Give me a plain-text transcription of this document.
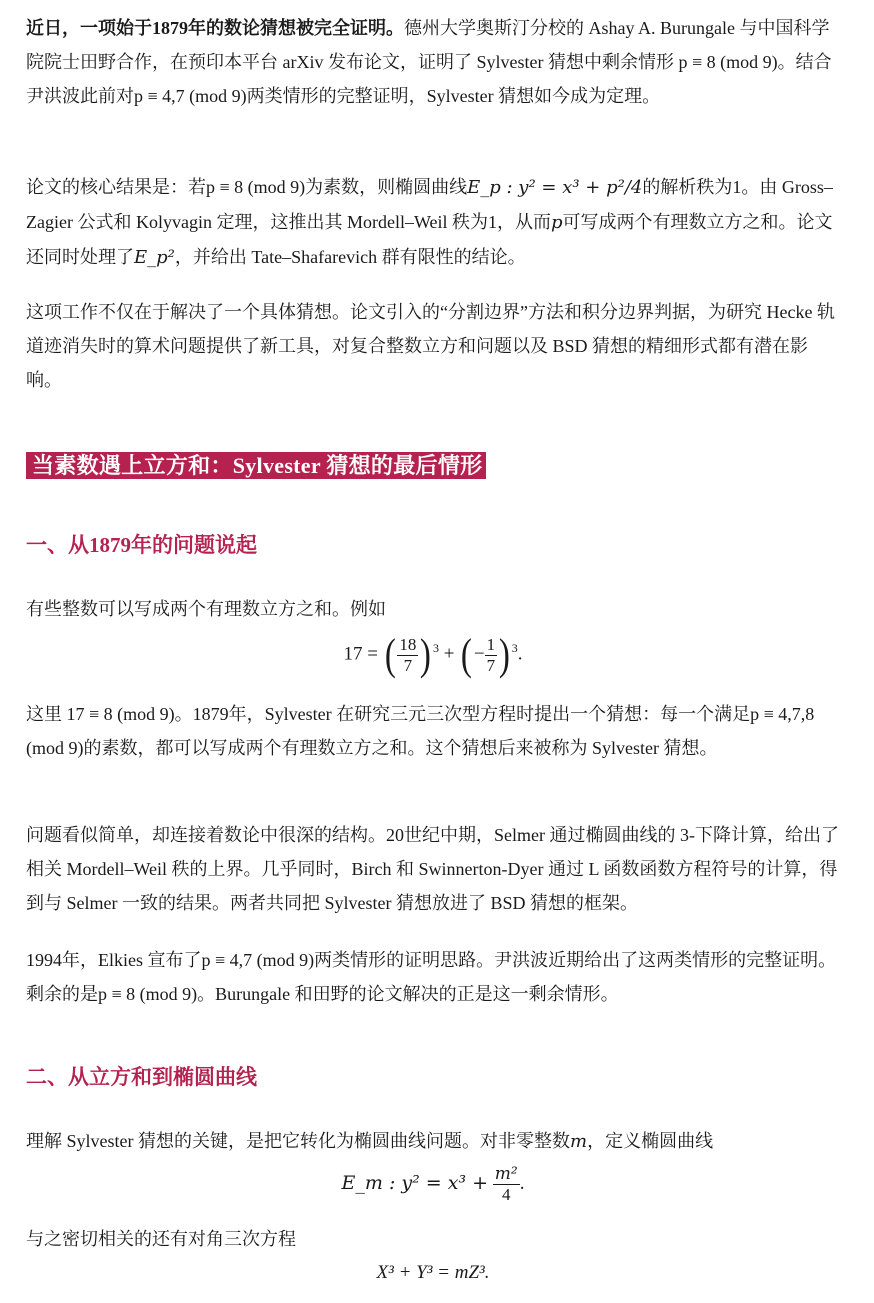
近日，一项始于1879年的数论猜想被完全证明。德州大学奥斯汀分校的 Ashay A. Burungale 与中国科学院院士田野合作，在预印本平台 arXiv 发布论文，证明了 Sylvester 猜想中剩余情形 p ≡ 8 (mod 9)。结合尹洪波此前对p ≡ 4,7 (mod 9)两类情形的完整证明，Sylvester 猜想如今成为定理。

论文的核心结果是：若p ≡ 8 (mod 9)为素数，则椭圆曲线E_p : y² = x³ + p²/4的解析秩为1。由 Gross–Zagier 公式和 Kolyvagin 定理，这推出其 Mordell–Weil 秩为1，从而p可写成两个有理数立方之和。论文还同时处理了E_p²，并给出 Tate–Shafarevich 群有限性的结论。

这项工作不仅在于解决了一个具体猜想。论文引入的“分割边界”方法和积分边界判据，为研究 Hecke 轨道迹消失时的算术问题提供了新工具，对复合整数立方和问题以及 BSD 猜想的精细形式都有潜在影响。

当素数遇上立方和：Sylvester 猜想的最后情形
一、从1879年的问题说起

有些整数可以写成两个有理数立方之和。例如

17 = ( $\frac{18}{7}$ ) $^3$ + (− $\frac{1}{7}$ ) $^3$.

这里 17 ≡ 8 (mod 9)。1879年，Sylvester 在研究三元三次型方程时提出一个猜想：每一个满足p ≡ 4,7,8 (mod 9)的素数，都可以写成两个有理数立方之和。这个猜想后来被称为 Sylvester 猜想。

问题看似简单，却连接着数论中很深的结构。20世纪中期，Selmer 通过椭圆曲线的 3-下降计算，给出了相关 Mordell–Weil 秩的上界。几乎同时，Birch 和 Swinnerton-Dyer 通过 L 函数函数方程符号的计算，得到与 Selmer 一致的结果。两者共同把 Sylvester 猜想放进了 BSD 猜想的框架。

1994年，Elkies 宣布了p ≡ 4,7 (mod 9)两类情形的证明思路。尹洪波近期给出了这两类情形的完整证明。剩余的是p ≡ 8 (mod 9)。Burungale 和田野的论文解决的正是这一剩余情形。

二、从立方和到椭圆曲线

理解 Sylvester 猜想的关键，是把它转化为椭圆曲线问题。对非零整数m，定义椭圆曲线

E_m : $y^2 = x^3 + \frac{\text{m²}}{4}$ .

与之密切相关的还有对角三次方程

X³ + Y³ = mZ³.
